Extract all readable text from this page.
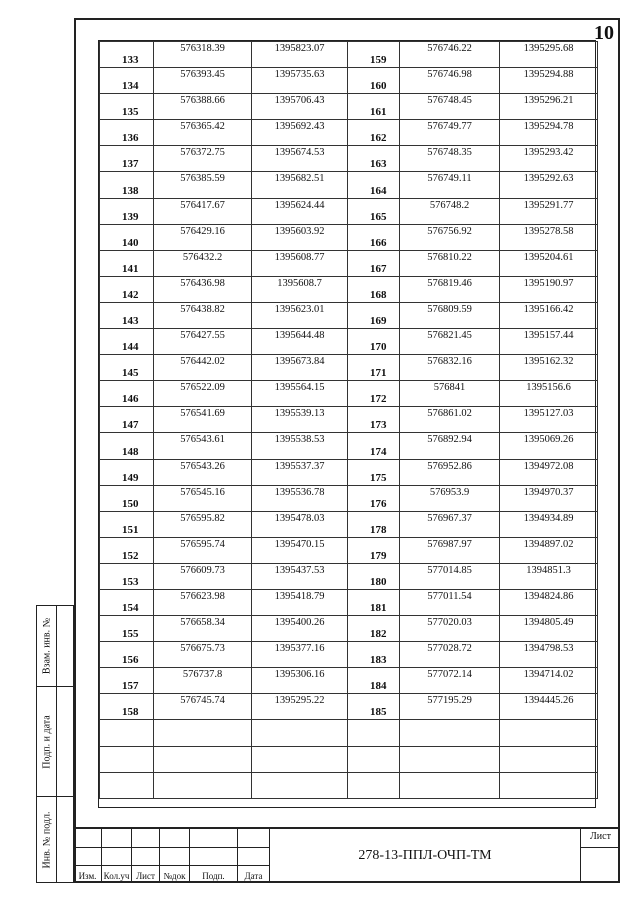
10
133	576318.39	1395823.07	159	576746.22	1395295.68

134	576393.45	1395735.63	160	576746.98	1395294.88

135	576388.66	1395706.43	161	576748.45	1395296.21

136	576365.42	1395692.43	162	576749.77	1395294.78

137	576372.75	1395674.53	163	576748.35	1395293.42

138	576385.59	1395682.51	164	576749.11	1395292.63

139	576417.67	1395624.44	165	576748.2	1395291.77

140	576429.16	1395603.92	166	576756.92	1395278.58

141	576432.2	1395608.77	167	576810.22	1395204.61

142	576436.98	1395608.7	168	576819.46	1395190.97

143	576438.82	1395623.01	169	576809.59	1395166.42

144	576427.55	1395644.48	170	576821.45	1395157.44

145	576442.02	1395673.84	171	576832.16	1395162.32

146	576522.09	1395564.15	172	576841	1395156.6

147	576541.69	1395539.13	173	576861.02	1395127.03

148	576543.61	1395538.53	174	576892.94	1395069.26

149	576543.26	1395537.37	175	576952.86	1394972.08

150	576545.16	1395536.78	176	576953.9	1394970.37

151	576595.82	1395478.03	178	576967.37	1394934.89

152	576595.74	1395470.15	179	576987.97	1394897.02

153	576609.73	1395437.53	180	577014.85	1394851.3

154	576623.98	1395418.79	181	577011.54	1394824.86

155	576658.34	1395400.26	182	577020.03	1394805.49

156	576675.73	1395377.16	183	577028.72	1394798.53

157	576737.8	1395306.16	184	577072.14	1394714.02

158	576745.74	1395295.22	185	577195.29	1394445.26

Взам. инв. №
Подп. и дата
Инв. № подл.
Изм. Кол.уч Лист №док	Подп.	Дата
278-13-ППЛ-ОЧП-ТМ
Лист
